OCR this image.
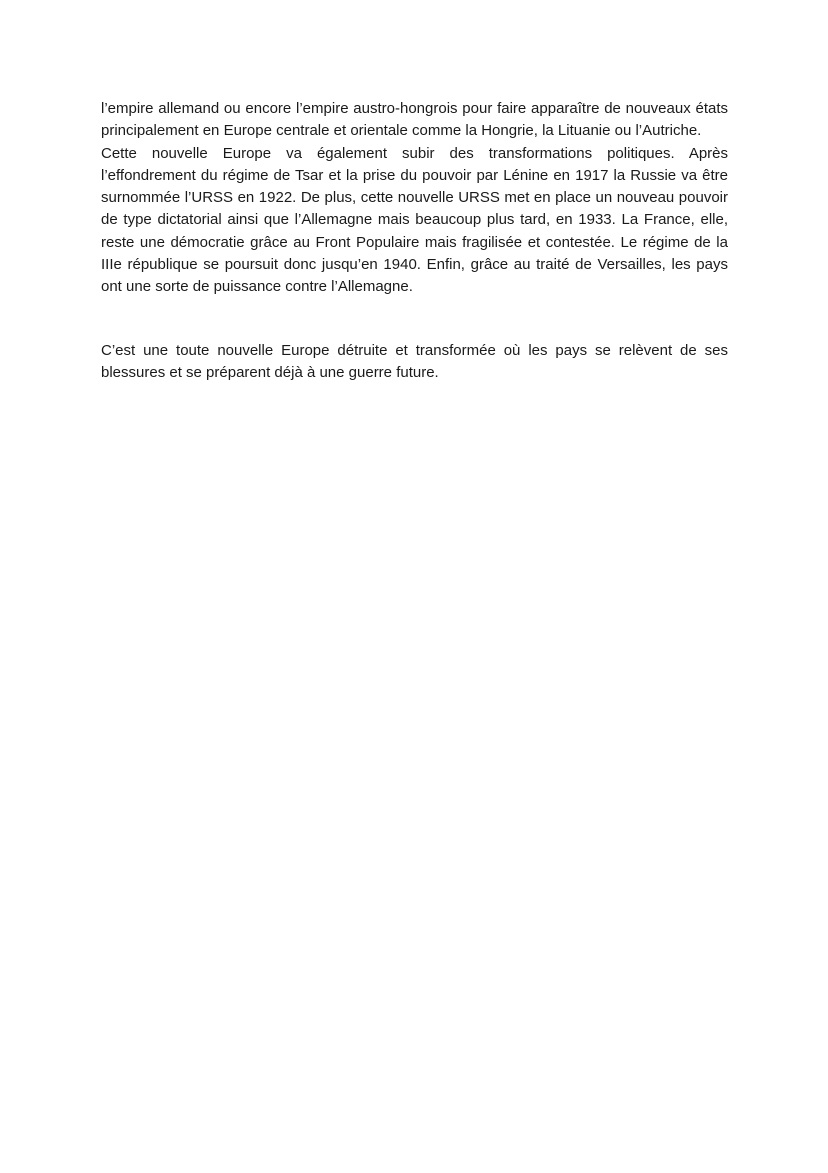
l’empire allemand ou encore l’empire austro-hongrois pour faire apparaître de nouveaux états principalement en Europe centrale et orientale comme la Hongrie, la Lituanie ou l’Autriche.

Cette nouvelle Europe va également subir des transformations politiques. Après l’effondrement du régime de Tsar et la prise du pouvoir par Lénine en 1917 la Russie va être surnommée l’URSS en 1922. De plus, cette nouvelle URSS met en place un nouveau pouvoir de type dictatorial ainsi que l’Allemagne mais beaucoup plus tard, en 1933. La France, elle, reste une démocratie grâce au Front Populaire mais fragilisée et contestée. Le régime de la IIIe république se poursuit donc jusqu’en 1940. Enfin, grâce au traité de Versailles, les pays ont une sorte de puissance contre l’Allemagne.

C’est une toute nouvelle Europe détruite et transformée où les pays se relèvent de ses blessures et se préparent déjà à une guerre future.
